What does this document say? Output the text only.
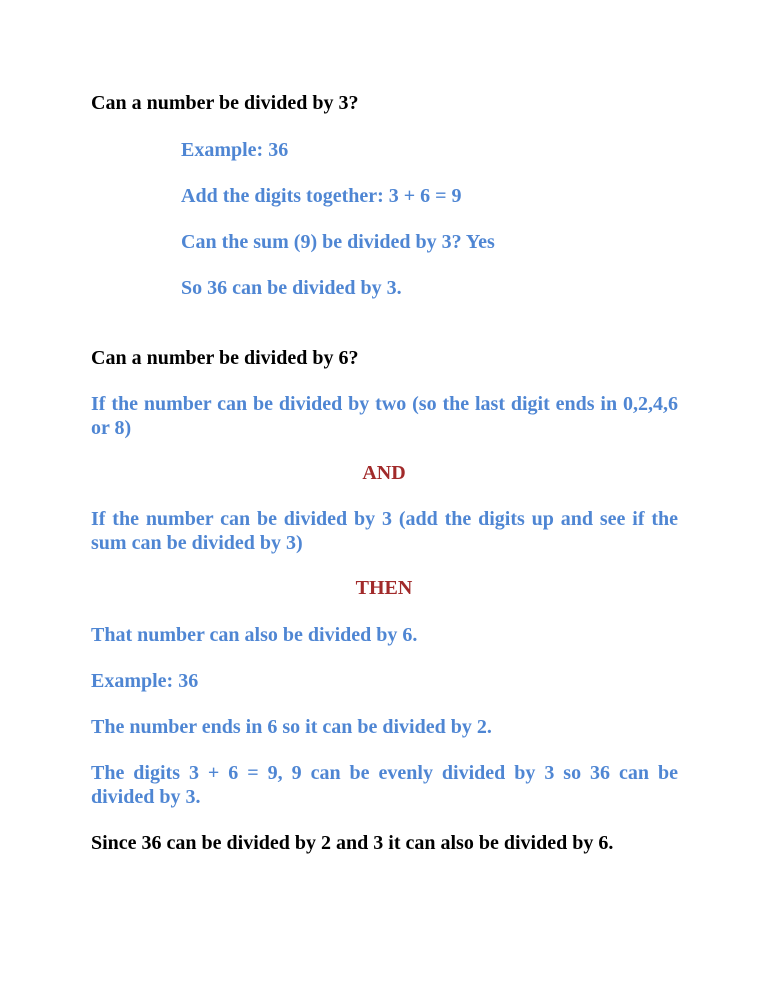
Can a number be divided by 3?

Example: 36

Add the digits together: 3 + 6 = 9

Can the sum (9) be divided by 3? Yes

So 36 can be divided by 3.

Can a number be divided by 6?

If the number can be divided by two (so the last digit ends in 0,2,4,6 or 8)

AND

If the number can be divided by 3 (add the digits up and see if the sum can be divided by 3)

THEN

That number can also be divided by 6.

Example: 36

The number ends in 6 so it can be divided by 2.

The digits 3 + 6 = 9, 9 can be evenly divided by 3 so 36 can be divided by 3.

Since 36 can be divided by 2 and 3 it can also be divided by 6.
